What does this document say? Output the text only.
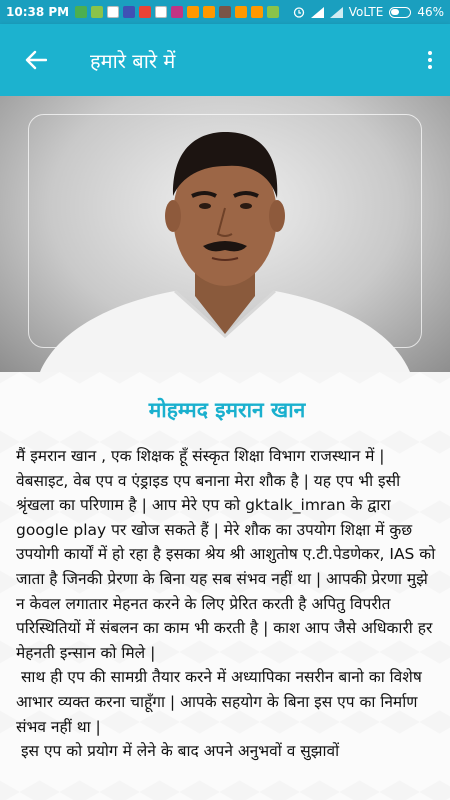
10:38 PM	VoLTE	46%
हमारे बारे में
मोहम्मद इमरान खान

मैं इमरान खान , एक शिक्षक हूँ संस्कृत शिक्षा विभाग राजस्थान में | वेबसाइट, वेब एप व एंड्राइड एप बनाना मेरा शौक है | यह एप भी इसी श्रृंखला का परिणाम है | आप मेरे एप को gktalk_imran के द्वारा google play पर खोज सकते हैं | मेरे शौक का उपयोग शिक्षा में कुछ उपयोगी कार्यों में हो रहा है इसका श्रेय श्री आशुतोष ए.टी.पेडणेकर, IAS को जाता है जिनकी प्रेरणा के बिना यह सब संभव नहीं था | आपकी प्रेरणा मुझे न केवल लगातार मेहनत करने के लिए प्रेरित करती है अपितु विपरीत परिस्थितियों में संबलन का काम भी करती है | काश आप जैसे अधिकारी हर मेहनती इन्सान को मिले |
साथ ही एप की सामग्री तैयार करने में अध्यापिका नसरीन बानो का विशेष आभार व्यक्त करना चाहूँगा | आपके सहयोग के बिना इस एप का निर्माण संभव नहीं था |
इस एप को प्रयोग में लेने के बाद अपने अनुभवों व सुझावों
